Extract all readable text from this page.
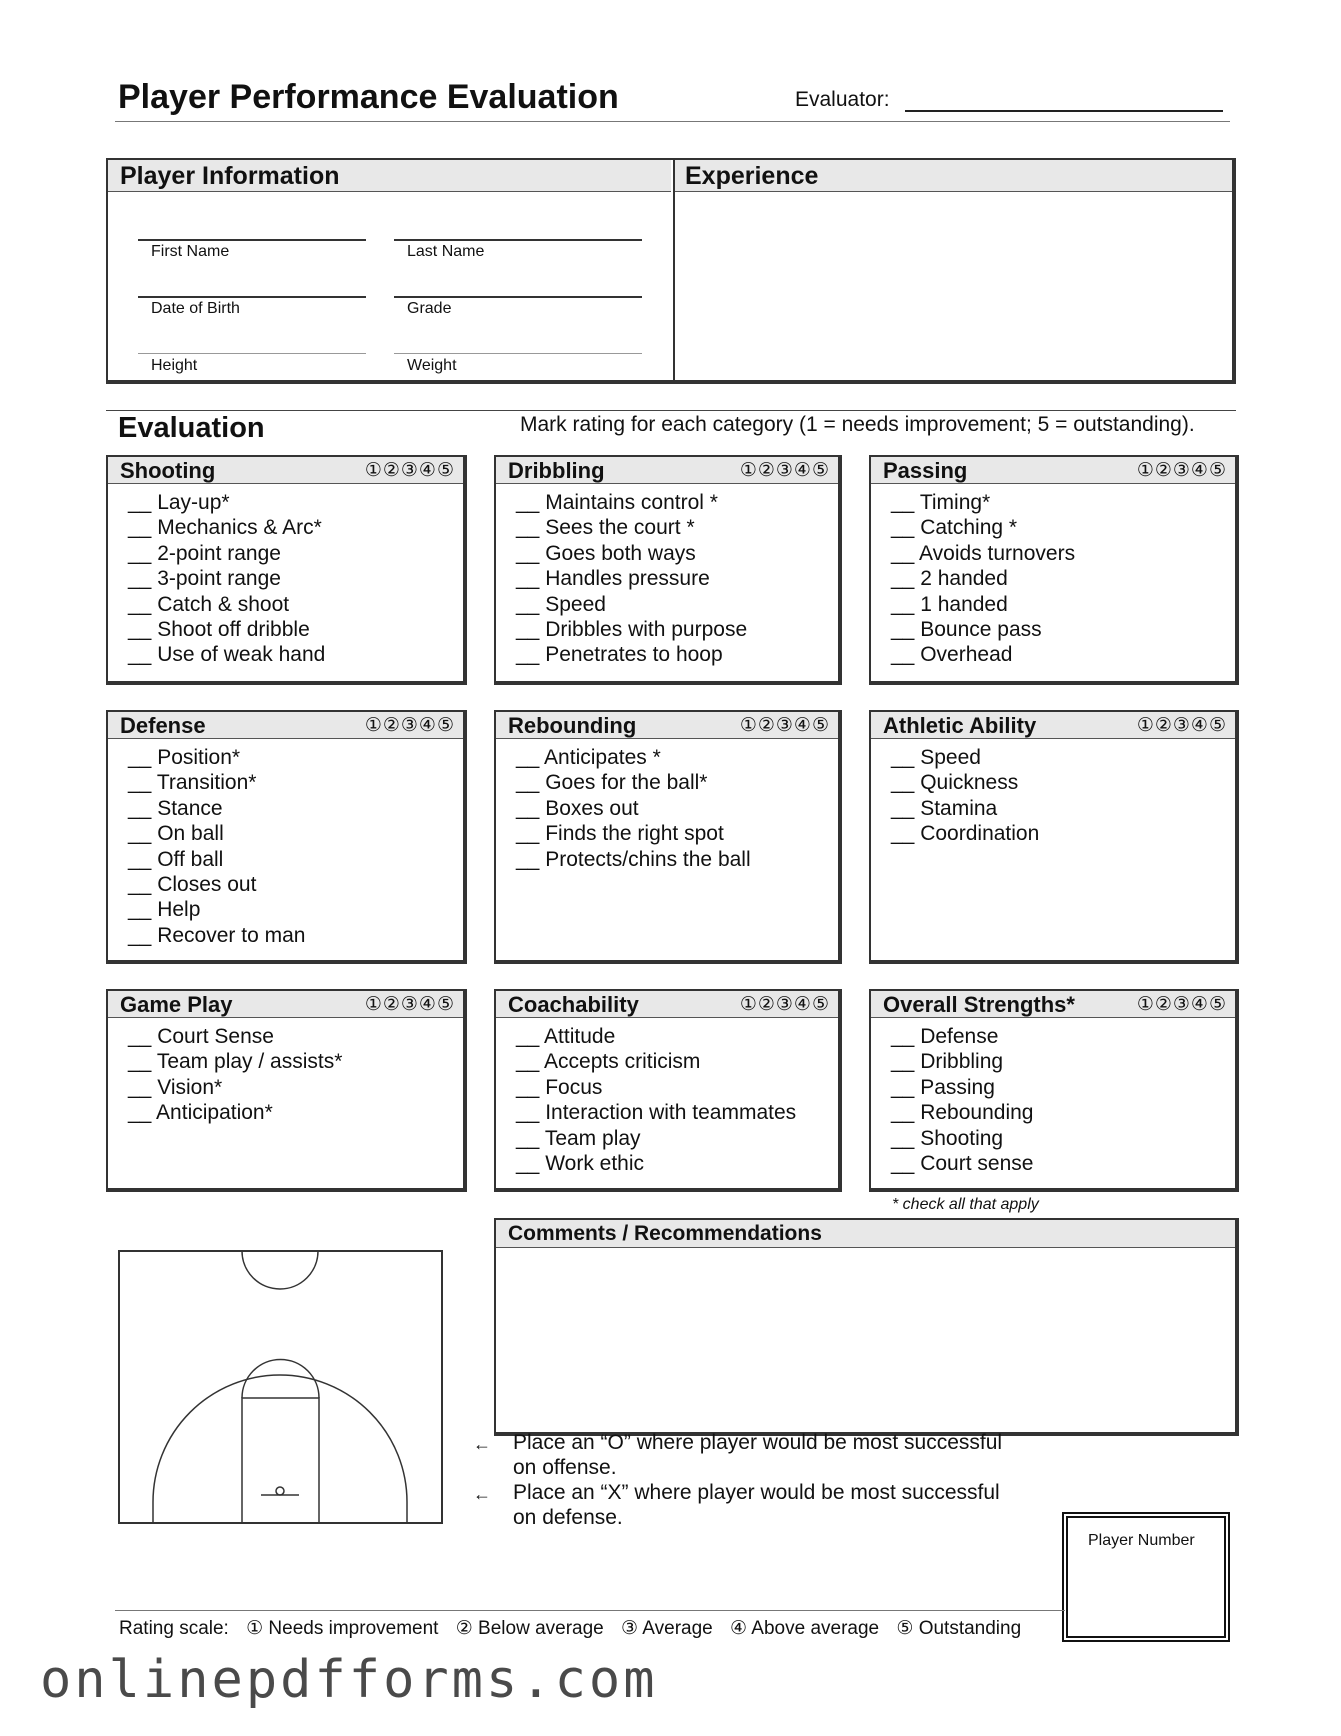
Player Performance Evaluation	Evaluator:
Player Information	Experience
First Name	Last Name
Date of Birth	Grade
Height	Weight
Evaluation	Mark rating for each category (1 = needs improvement; 5 = outstanding).
Shooting	①②③④⑤
__ Lay-up*
__ Mechanics & Arc*
__ 2-point range
__ 3-point range
__ Catch & shoot
__ Shoot off dribble
__ Use of weak hand
Dribbling	①②③④⑤
__ Maintains control *
__ Sees the court *
__ Goes both ways
__ Handles pressure
__ Speed
__ Dribbles with purpose
__ Penetrates to hoop
Passing	①②③④⑤
__ Timing*
__ Catching *
__ Avoids turnovers
__ 2 handed
__ 1 handed
__ Bounce pass
__ Overhead
Defense	①②③④⑤
__ Position*
__ Transition*
__ Stance
__ On ball
__ Off ball
__ Closes out
__ Help
__ Recover to man
Rebounding	①②③④⑤
__ Anticipates *
__ Goes for the ball*
__ Boxes out
__ Finds the right spot
__ Protects/chins the ball
Athletic Ability	①②③④⑤
__ Speed
__ Quickness
__ Stamina
__ Coordination
Game Play	①②③④⑤
__ Court Sense
__ Team play / assists*
__ Vision*
__ Anticipation*
Coachability	①②③④⑤
__ Attitude
__ Accepts criticism
__ Focus
__ Interaction with teammates
__ Team play
__ Work ethic
Overall Strengths*	①②③④⑤
__ Defense
__ Dribbling
__ Passing
__ Rebounding
__ Shooting
__ Court sense
* check all that apply
Comments / Recommendations
← Place an “O” where player would be most successful
on offense.
← Place an “X” where player would be most successful
on defense.
Player Number
Rating scale: ① Needs improvement ② Below average ③ Average ④ Above average ⑤ Outstanding
onlinepdfforms.com
